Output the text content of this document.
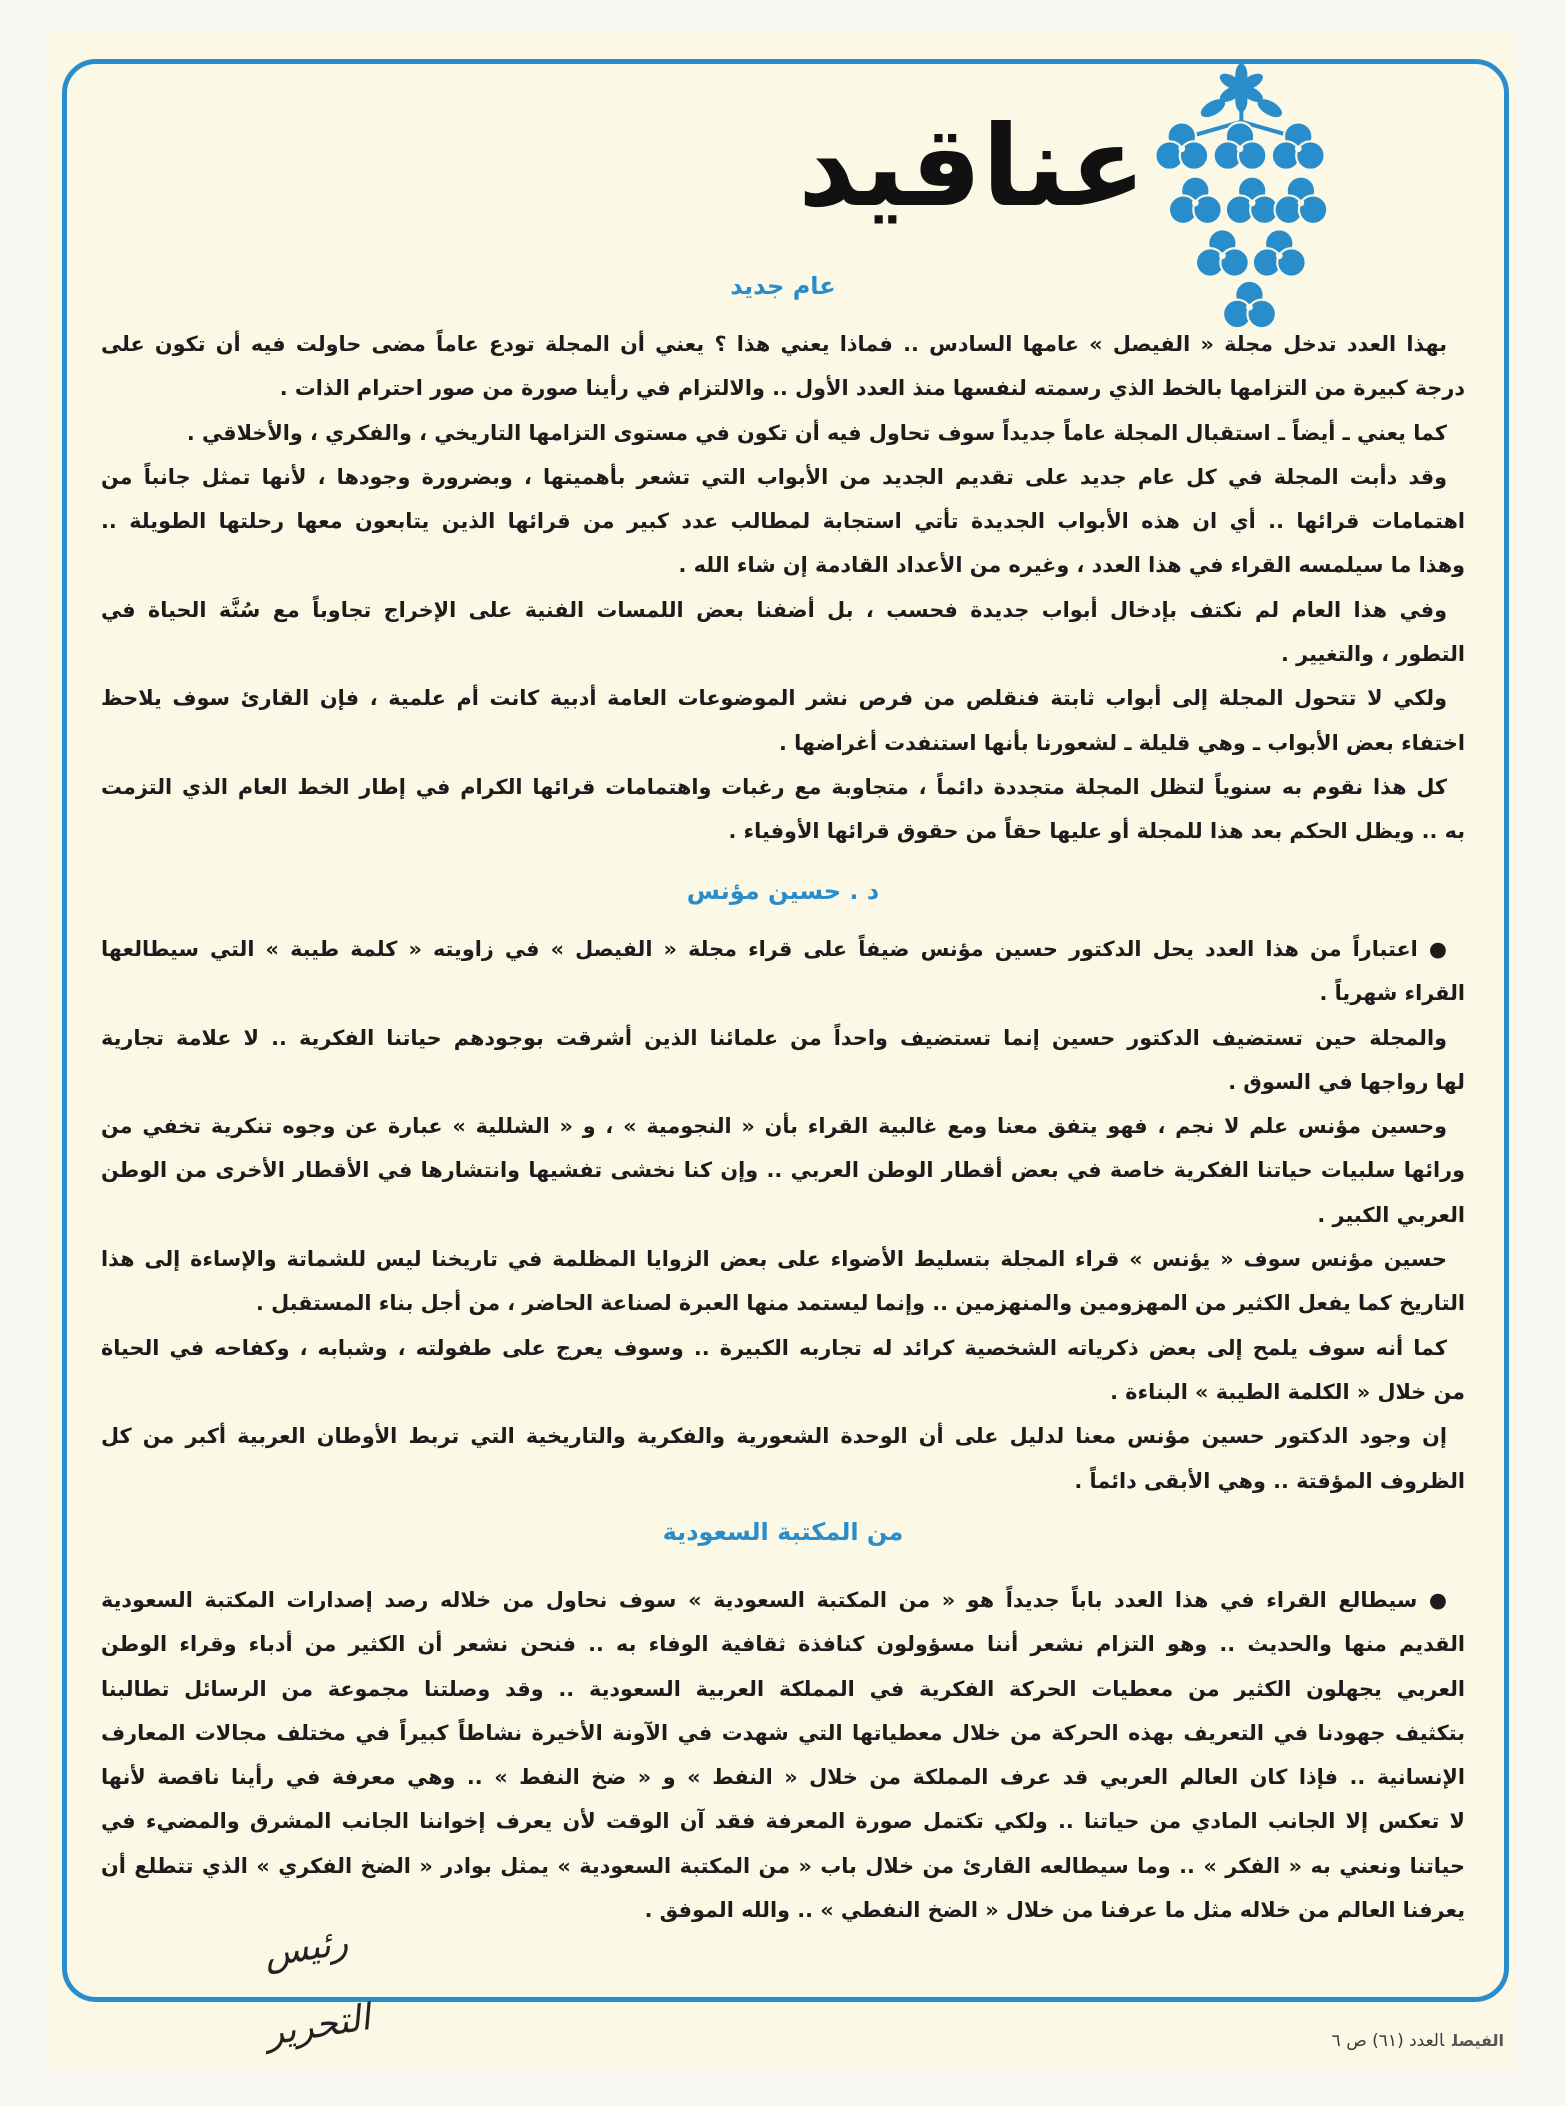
عناقيد
عام جديد
بهذا العدد تدخل مجلة « الفيصل » عامها السادس .. فماذا يعني هذا ؟ يعني أن المجلة تودع عاماً مضى حاولت فيه أن تكون على
درجة كبيرة من التزامها بالخط الذي رسمته لنفسها منذ العدد الأول .. والالتزام في رأينا صورة من صور احترام الذات .
كما يعني ـ أيضاً ـ استقبال المجلة عاماً جديداً سوف تحاول فيه أن تكون في مستوى التزامها التاريخي ، والفكري ، والأخلاقي .
وقد دأبت المجلة في كل عام جديد على تقديم الجديد من الأبواب التي تشعر بأهميتها ، وبضرورة وجودها ، لأنها تمثل جانباً من
اهتمامات قرائها .. أي ان هذه الأبواب الجديدة تأتي استجابة لمطالب عدد كبير من قرائها الذين يتابعون معها رحلتها الطويلة ..
وهذا ما سيلمسه القراء في هذا العدد ، وغيره من الأعداد القادمة إن شاء الله .
وفي هذا العام لم نكتف بإدخال أبواب جديدة فحسب ، بل أضفنا بعض اللمسات الفنية على الإخراج تجاوباً مع سُنَّة الحياة في
التطور ، والتغيير .
ولكي لا تتحول المجلة إلى أبواب ثابتة فنقلص من فرص نشر الموضوعات العامة أدبية كانت أم علمية ، فإن القارئ سوف يلاحظ
اختفاء بعض الأبواب ـ وهي قليلة ـ لشعورنا بأنها استنفدت أغراضها .
كل هذا نقوم به سنوياً لتظل المجلة متجددة دائماً ، متجاوبة مع رغبات واهتمامات قرائها الكرام في إطار الخط العام الذي التزمت
به .. ويظل الحكم بعد هذا للمجلة أو عليها حقاً من حقوق قرائها الأوفياء .
د . حسين مؤنس
● اعتباراً من هذا العدد يحل الدكتور حسين مؤنس ضيفاً على قراء مجلة « الفيصل » في زاويته « كلمة طيبة » التي سيطالعها
القراء شهرياً .
والمجلة حين تستضيف الدكتور حسين إنما تستضيف واحداً من علمائنا الذين أشرقت بوجودهم حياتنا الفكرية .. لا علامة تجارية
لها رواجها في السوق .
وحسين مؤنس علم لا نجم ، فهو يتفق معنا ومع غالبية القراء بأن « النجومية » ، و « الشللية » عبارة عن وجوه تنكرية تخفي من
ورائها سلبيات حياتنا الفكرية خاصة في بعض أقطار الوطن العربي .. وإن كنا نخشى تفشيها وانتشارها في الأقطار الأخرى من الوطن
العربي الكبير .
حسين مؤنس سوف « يؤنس » قراء المجلة بتسليط الأضواء على بعض الزوايا المظلمة في تاريخنا ليس للشماتة والإساءة إلى هذا
التاريخ كما يفعل الكثير من المهزومين والمنهزمين .. وإنما ليستمد منها العبرة لصناعة الحاضر ، من أجل بناء المستقبل .
كما أنه سوف يلمح إلى بعض ذكرياته الشخصية كرائد له تجاربه الكبيرة .. وسوف يعرج على طفولته ، وشبابه ، وكفاحه في الحياة
من خلال « الكلمة الطيبة » البناءة .
إن وجود الدكتور حسين مؤنس معنا لدليل على أن الوحدة الشعورية والفكرية والتاريخية التي تربط الأوطان العربية أكبر من كل
الظروف المؤقتة .. وهي الأبقى دائماً .
من المكتبة السعودية
● سيطالع القراء في هذا العدد باباً جديداً هو « من المكتبة السعودية » سوف نحاول من خلاله رصد إصدارات المكتبة السعودية
القديم منها والحديث .. وهو التزام نشعر أننا مسؤولون كنافذة ثقافية الوفاء به .. فنحن نشعر أن الكثير من أدباء وقراء الوطن
العربي يجهلون الكثير من معطيات الحركة الفكرية في المملكة العربية السعودية .. وقد وصلتنا مجموعة من الرسائل تطالبنا
بتكثيف جهودنا في التعريف بهذه الحركة من خلال معطياتها التي شهدت في الآونة الأخيرة نشاطاً كبيراً في مختلف مجالات المعارف
الإنسانية .. فإذا كان العالم العربي قد عرف المملكة من خلال « النفط » و « ضخ النفط » .. وهي معرفة في رأينا ناقصة لأنها
لا تعكس إلا الجانب المادي من حياتنا .. ولكي تكتمل صورة المعرفة فقد آن الوقت لأن يعرف إخواننا الجانب المشرق والمضيء في
حياتنا ونعني به « الفكر » .. وما سيطالعه القارئ من خلال باب « من المكتبة السعودية » يمثل بوادر « الضخ الفكري » الذي تتطلع أن
يعرفنا العالم من خلاله مثل ما عرفنا من خلال « الضخ النفطي » .. والله الموفق .
رئيس التحرير	الفيصلالعدد (٦١) ص ٦
